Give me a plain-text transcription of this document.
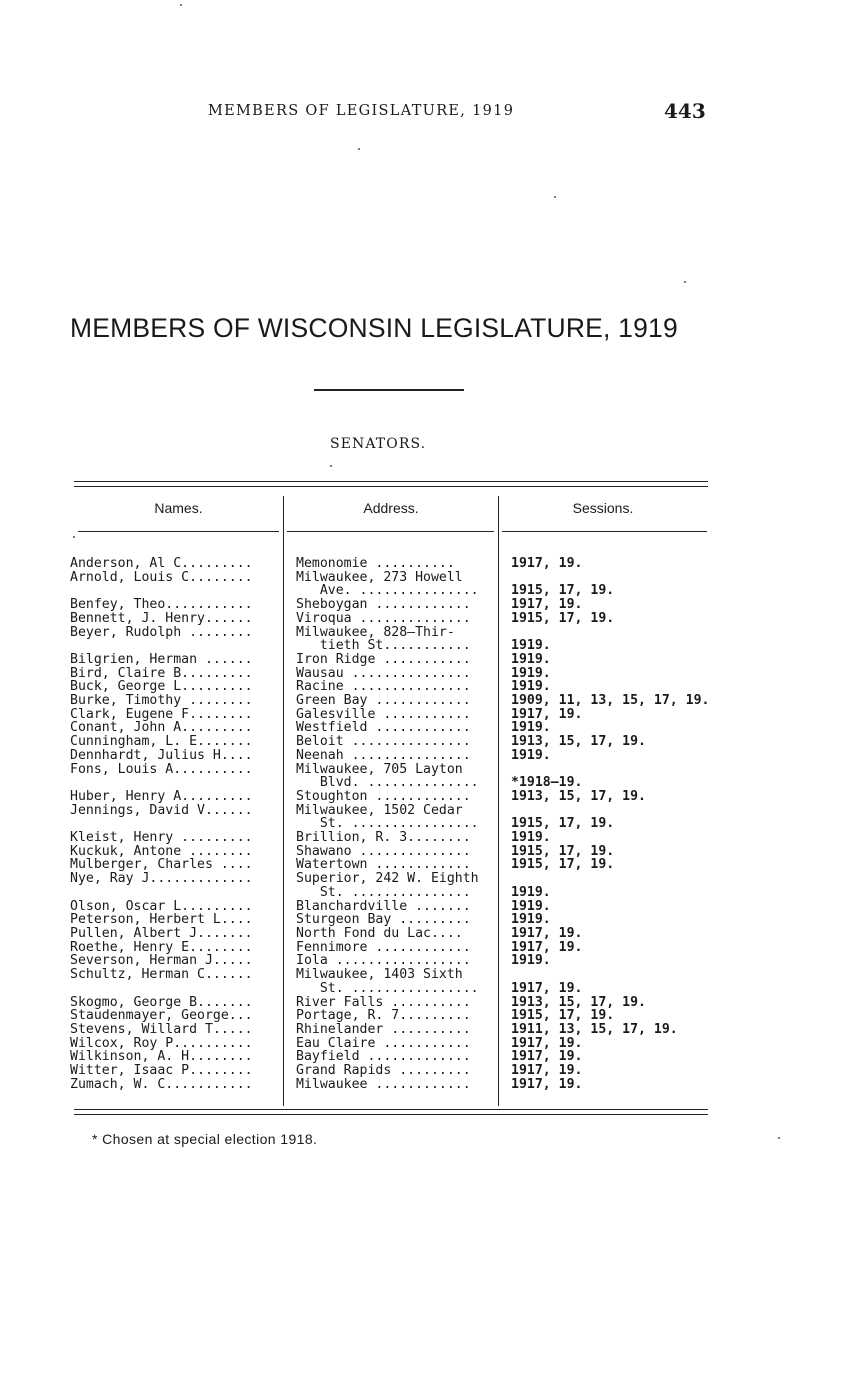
MEMBERS OF LEGISLATURE, 1919	443
MEMBERS OF WISCONSIN LEGISLATURE, 1919
SENATORS.
Names.	Address.	Sessions.
Anderson, Al C.........	Memonomie ..........	1917, 19.
Arnold, Louis C........	Milwaukee, 273 Howell
Ave. ...............	1915, 17, 19.
Benfey, Theo...........	Sheboygan ............	1917, 19.
Bennett, J. Henry......	Viroqua ..............	1915, 17, 19.
Beyer, Rudolph ........	Milwaukee, 828—Thir-
tieth St...........	1919.
Bilgrien, Herman ......	Iron Ridge ...........	1919.
Bird, Claire B.........	Wausau ...............	1919.
Buck, George L.........	Racine ...............	1919.
Burke, Timothy ........	Green Bay ............	1909, 11, 13, 15, 17, 19.
Clark, Eugene F........	Galesville ...........	1917, 19.
Conant, John A.........	Westfield ............	1919.
Cunningham, L. E.......	Beloit ...............	1913, 15, 17, 19.
Dennhardt, Julius H....	Neenah ...............	1919.
Fons, Louis A..........	Milwaukee, 705 Layton
Blvd. ..............	*1918–19.
Huber, Henry A.........	Stoughton ............	1913, 15, 17, 19.
Jennings, David V......	Milwaukee, 1502 Cedar
St. ................	1915, 17, 19.
Kleist, Henry .........	Brillion, R. 3........	1919.
Kuckuk, Antone ........	Shawano ..............	1915, 17, 19.
Mulberger, Charles ....	Watertown ............	1915, 17, 19.
Nye, Ray J.............	Superior, 242 W. Eighth
St. ...............	1919.
Olson, Oscar L.........	Blanchardville .......	1919.
Peterson, Herbert L....	Sturgeon Bay .........	1919.
Pullen, Albert J.......	North Fond du Lac....	1917, 19.
Roethe, Henry E........	Fennimore ............	1917, 19.
Severson, Herman J.....	Iola .................	1919.
Schultz, Herman C......	Milwaukee, 1403 Sixth
St. ................	1917, 19.
Skogmo, George B.......	River Falls ..........	1913, 15, 17, 19.
Staudenmayer, George...	Portage, R. 7.........	1915, 17, 19.
Stevens, Willard T.....	Rhinelander ..........	1911, 13, 15, 17, 19.
Wilcox, Roy P..........	Eau Claire ...........	1917, 19.
Wilkinson, A. H........	Bayfield .............	1917, 19.
Witter, Isaac P........	Grand Rapids .........	1917, 19.
Zumach, W. C...........	Milwaukee ............	1917, 19.
* Chosen at special election 1918.
